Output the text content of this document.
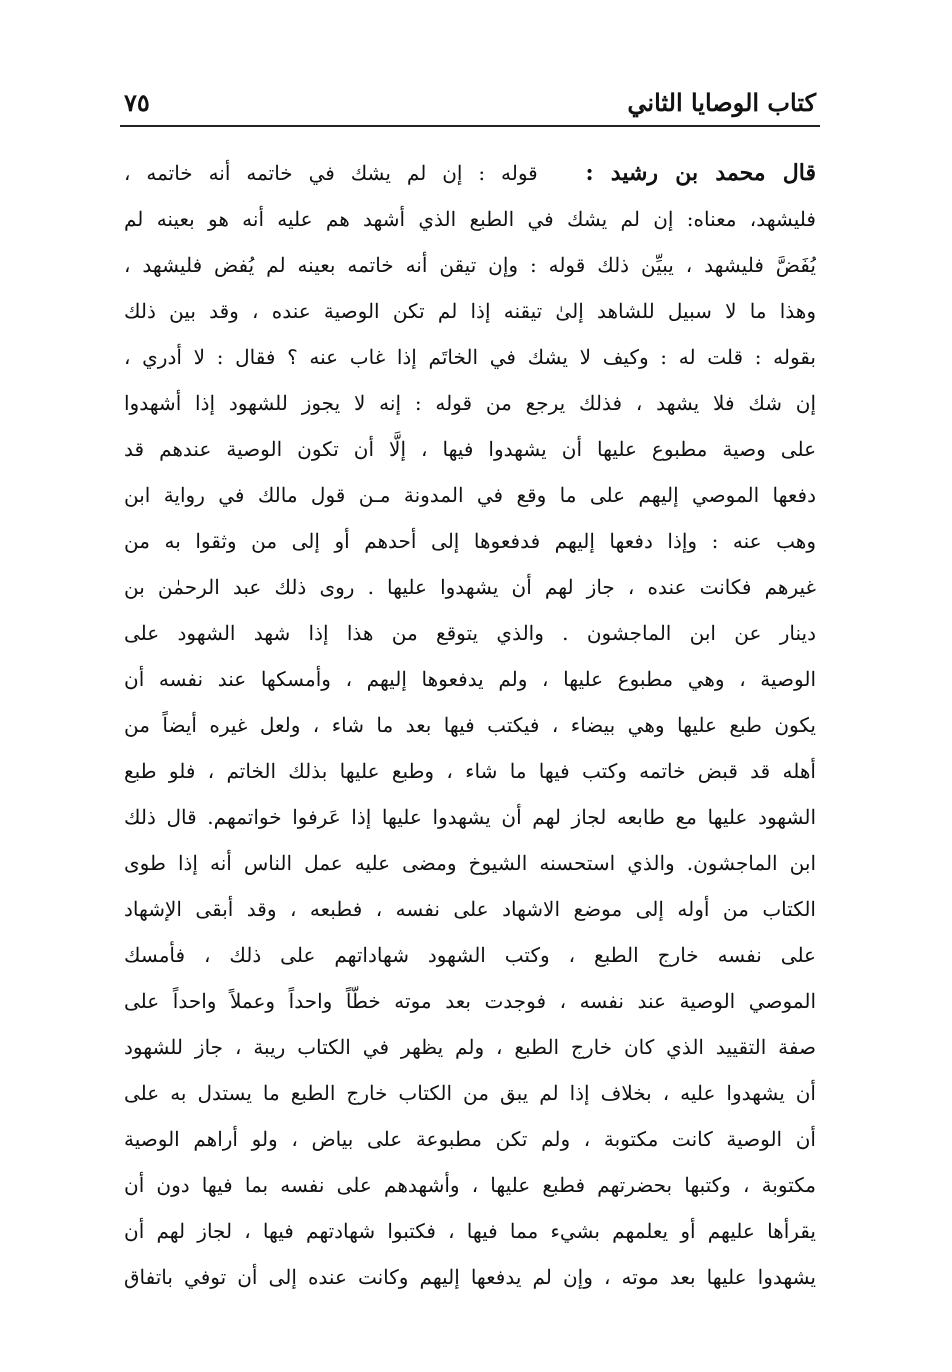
كتاب الوصايا الثاني
٧٥
قال محمد بن رشيد :   قوله : إن لم يشك في خاتمه أنه خاتمه ،
فليشهد، معناه: إن لم يشك في الطبع الذي أشهد هم عليه أنه هو بعينه لم
يُفَضَّ فليشهد ، يبيِّن ذلك قوله : وإن تيقن أنه خاتمه بعينه لم يُفض فليشهد ،
وهذا ما لا سبيل للشاهد إلىٰ تيقنه إذا لم تكن الوصية عنده ، وقد بين ذلك
بقوله : قلت له : وكيف لا يشك في الخاتَم إذا غاب عنه ؟ فقال : لا أدري ،
إن شك فلا يشهد ، فذلك يرجع من قوله : إنه لا يجوز للشهود إذا أشهدوا
على وصية مطبوع عليها أن يشهدوا فيها ، إلَّا أن تكون الوصية عندهم قد
دفعها الموصي إليهم على ما وقع في المدونة مـن قول مالك في رواية ابن
وهب عنه : وإذا دفعها إليهم فدفعوها إلى أحدهم أو إلى من وثقوا به من
غيرهم فكانت عنده ، جاز لهم أن يشهدوا عليها . روى ذلك عبد الرحمٰن بن
دينار عن ابن الماجشون . والذي يتوقع من هذا إذا شهد الشهود على
الوصية ، وهي مطبوع عليها ، ولم يدفعوها إليهم ، وأمسكها عند نفسه أن
يكون طبع عليها وهي بيضاء ، فيكتب فيها بعد ما شاء ، ولعل غيره أيضاً من
أهله قد قبض خاتمه وكتب فيها ما شاء ، وطبع عليها بذلك الخاتم ، فلو طبع
الشهود عليها مع طابعه لجاز لهم أن يشهدوا عليها إذا عَرفوا خواتمهم. قال ذلك
ابن الماجشون. والذي استحسنه الشيوخ ومضى عليه عمل الناس أنه إذا طوى
الكتاب من أوله إلى موضع الاشهاد على نفسه ، فطبعه ، وقد أبقى الإشهاد
على نفسه خارج الطبع ، وكتب الشهود شهاداتهم على ذلك ، فأمسك
الموصي الوصية عند نفسه ، فوجدت بعد موته خطّاً واحداً وعملاً واحداً على
صفة التقييد الذي كان خارج الطبع ، ولم يظهر في الكتاب ريبة ، جاز للشهود
أن يشهدوا عليه ، بخلاف إذا لم يبق من الكتاب خارج الطبع ما يستدل به على
أن الوصية كانت مكتوبة ، ولم تكن مطبوعة على بياض ، ولو أراهم الوصية
مكتوبة ، وكتبها بحضرتهم فطبع عليها ، وأشهدهم على نفسه بما فيها دون أن
يقرأها عليهم أو يعلمهم بشيء مما فيها ، فكتبوا شهادتهم فيها ، لجاز لهم أن
يشهدوا عليها بعد موته ، وإن لم يدفعها إليهم وكانت عنده إلى أن توفي باتفاق
